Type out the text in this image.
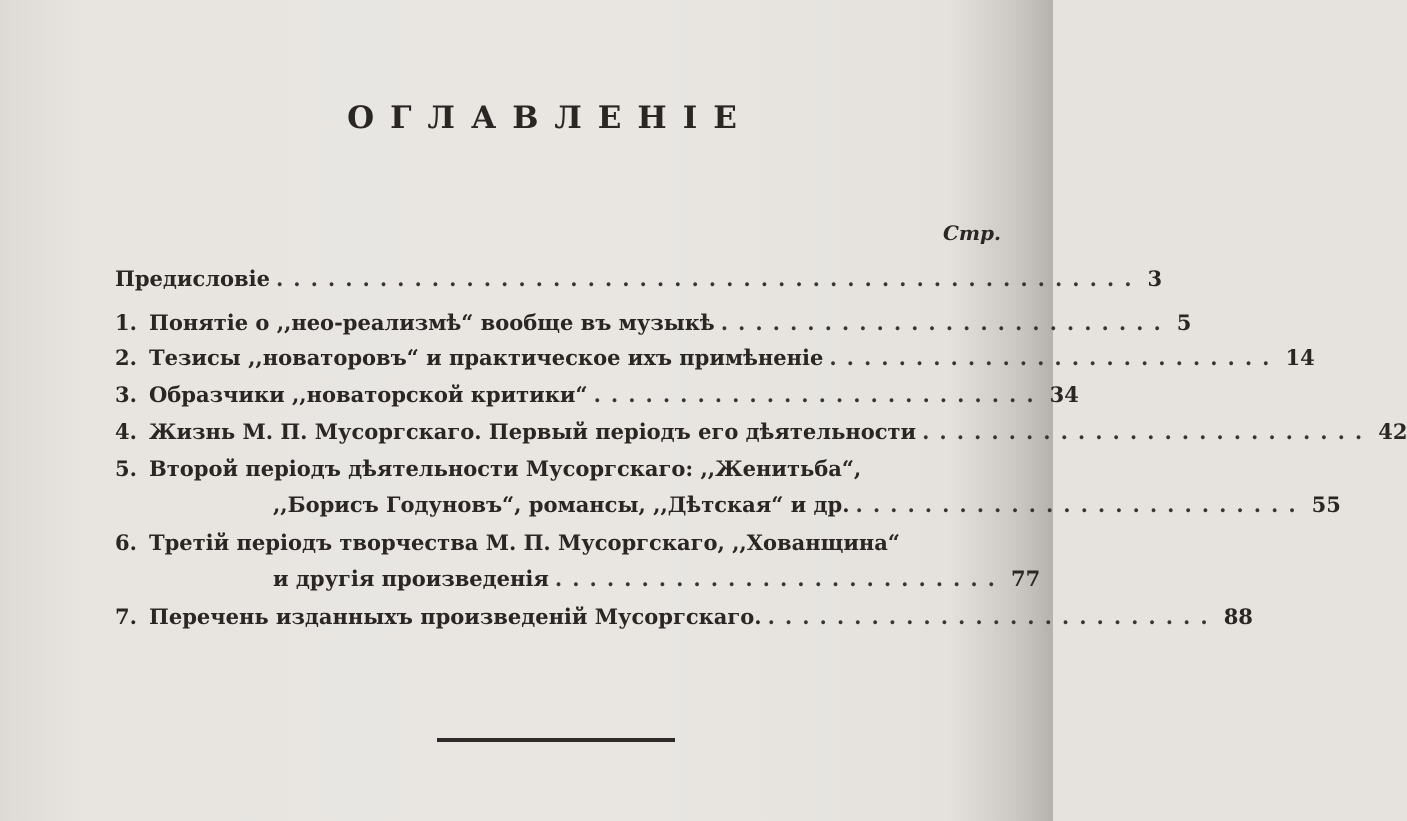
ОГЛАВЛЕНІЕ
Стр.
Предисловіе .................................................. 3
1. Понятіе о ,,нео-реализмѣ“ вообще въ музыкѣ .......................... 5
2. Тезисы ,,новаторовъ“ и практическое ихъ примѣненіе .......................... 14
3. Образчики ,,новаторской критики“ .......................... 34
4. Жизнь М. П. Мусоргскаго. Первый періодъ его дѣятельности .......................... 42
5. Второй періодъ дѣятельности Мусоргскаго: ,,Женитьба“,
,,Борисъ Годуновъ“, романсы, ,,Дѣтская“ и др. .......................... 55
6. Третій періодъ творчества М. П. Мусоргскаго, ,,Хованщина“
и другія произведенія .......................... 77
7. Перечень изданныхъ произведеній Мусоргскаго. .......................... 88
